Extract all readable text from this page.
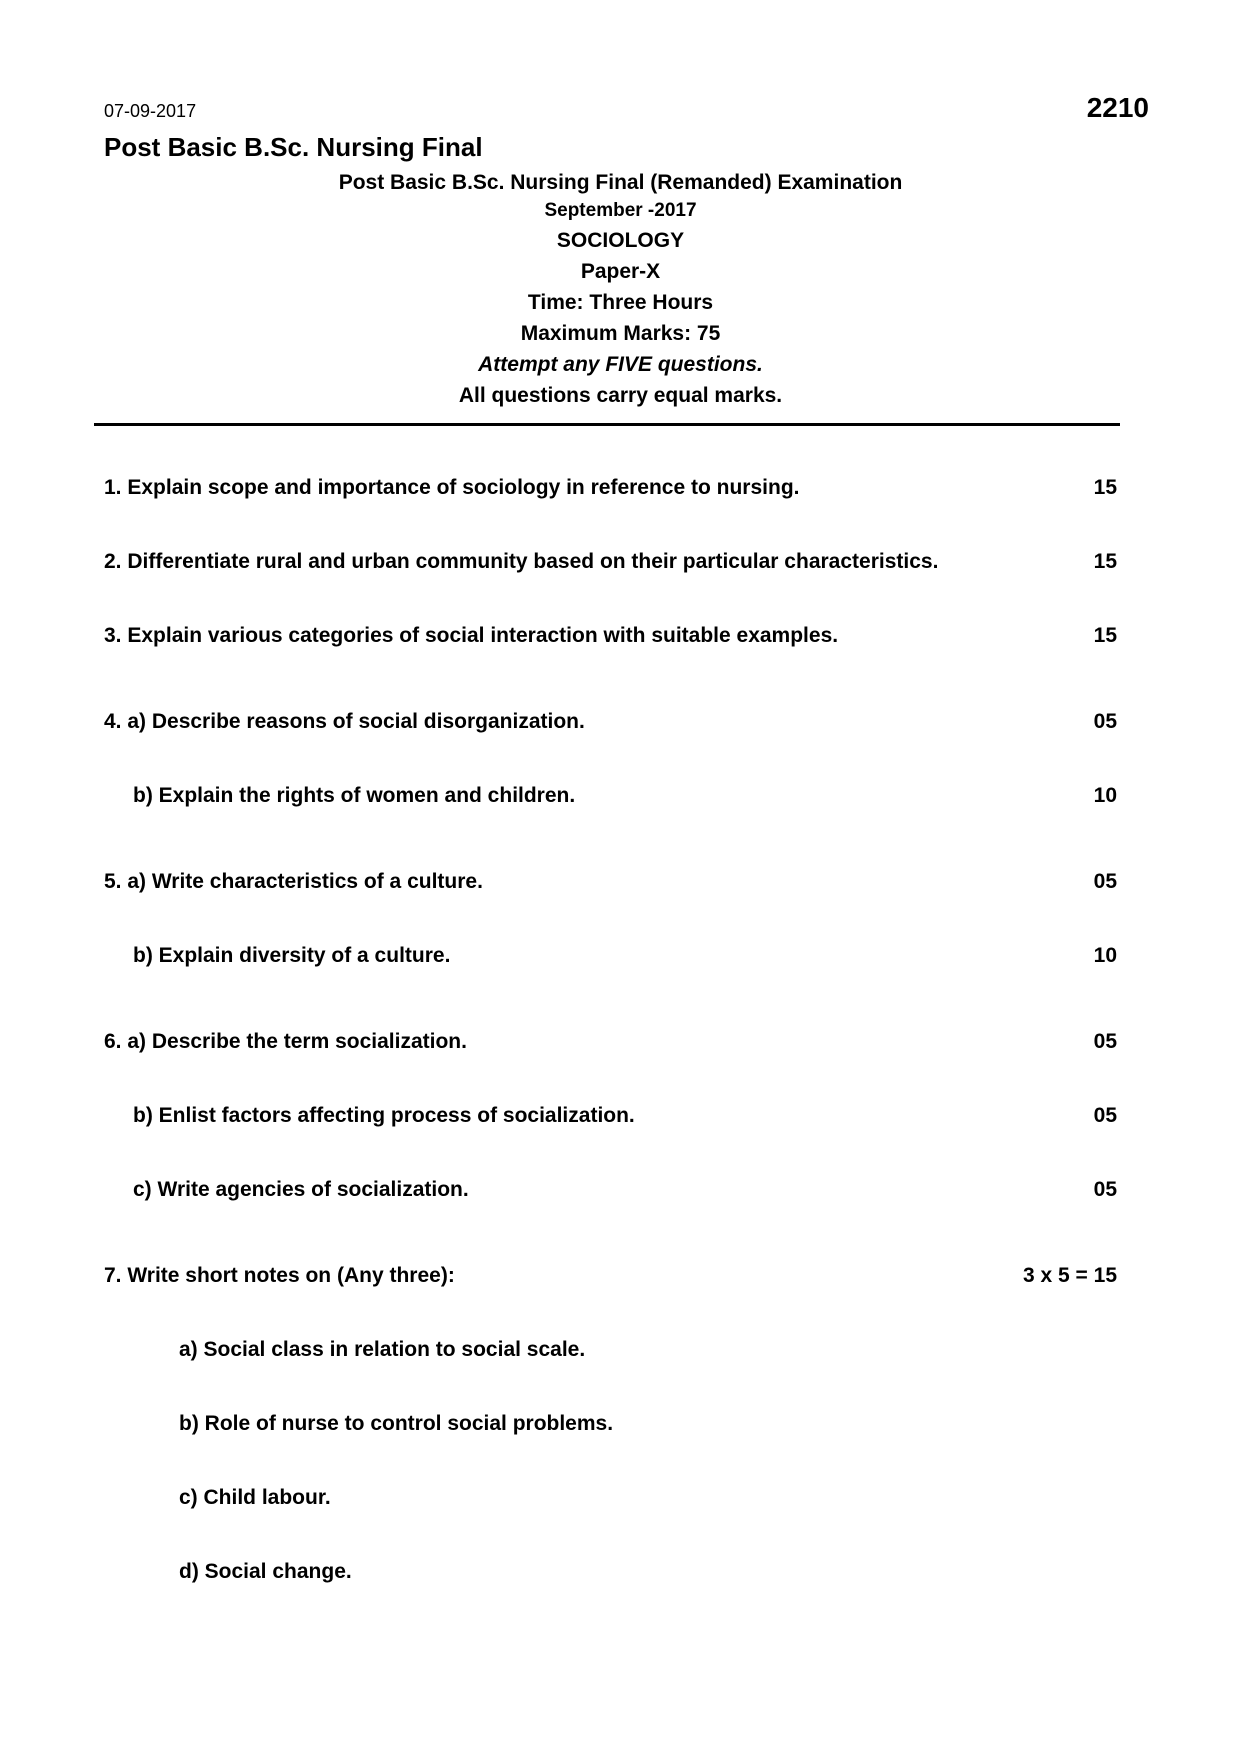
07-09-2017	2210
Post Basic B.Sc. Nursing Final
Post Basic B.Sc. Nursing Final (Remanded) Examination
September -2017
SOCIOLOGY
Paper-X
Time: Three Hours
Maximum Marks: 75
Attempt any FIVE questions.
All questions carry equal marks.
1. Explain scope and importance of sociology in reference to nursing.	15
2. Differentiate rural and urban community based on their particular characteristics.	15
3. Explain various categories of social interaction with suitable examples.	15
4. a) Describe reasons of social disorganization.	05
b) Explain the rights of women and children.	10
5. a) Write characteristics of a culture.	05
b) Explain diversity of a culture.	10
6. a) Describe the term socialization.	05
b) Enlist factors affecting process of socialization.	05
c) Write agencies of socialization.	05
7. Write short notes on (Any three):	3 x 5 = 15
a) Social class in relation to social scale.
b) Role of nurse to control social problems.
c) Child labour.
d) Social change.
